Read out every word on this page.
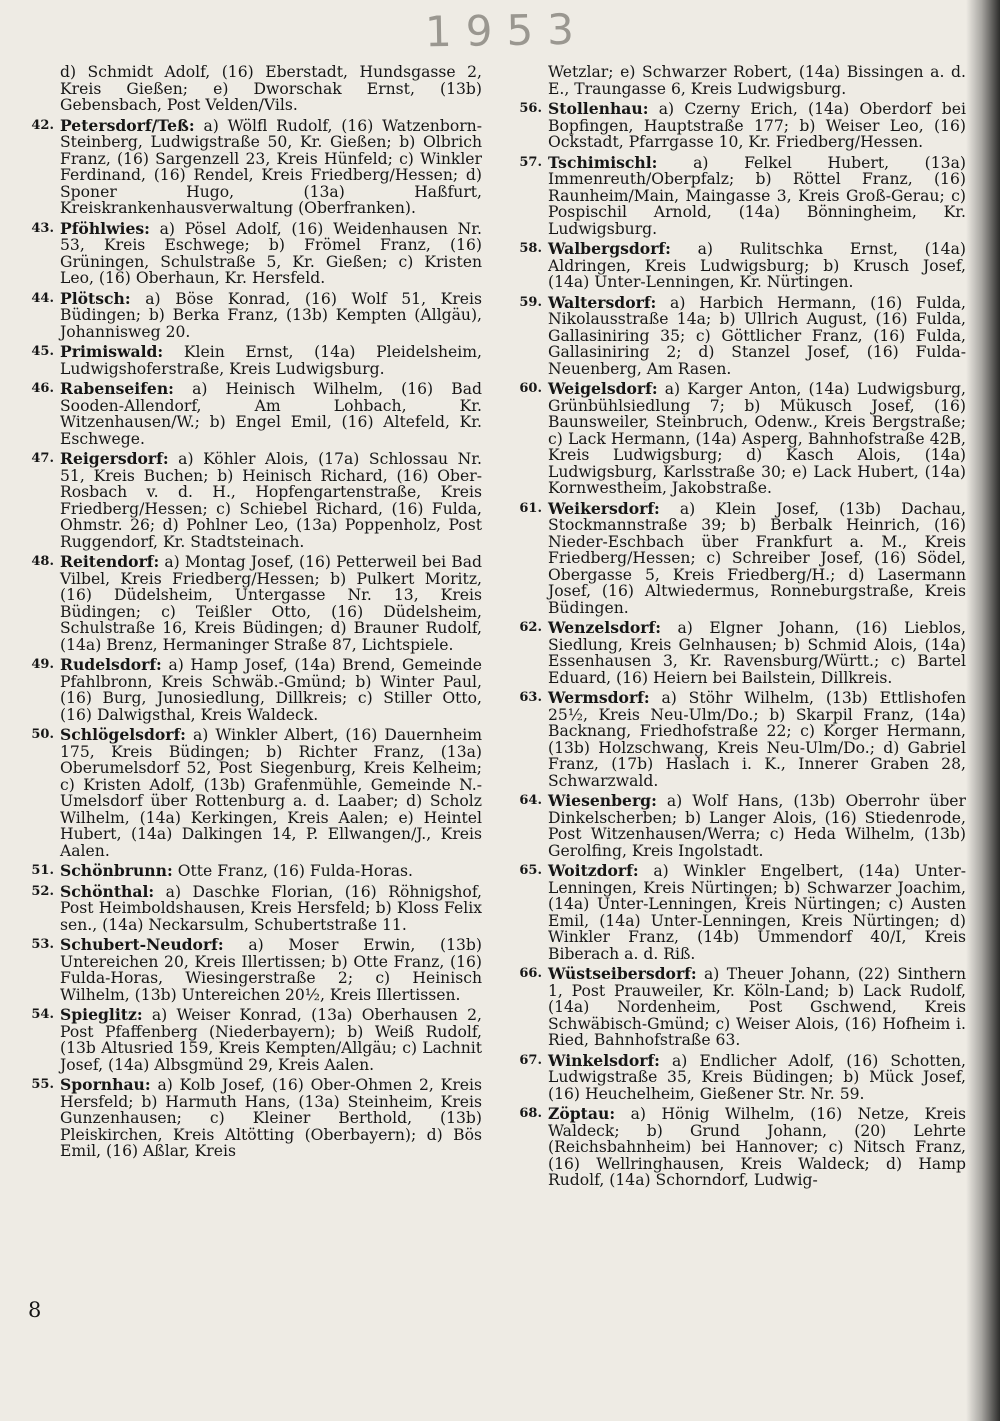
1953
d) Schmidt Adolf, (16) Eberstadt, Hundsgasse 2, Kreis Gießen; e) Dworschak Ernst, (13b) Gebensbach, Post Velden/Vils.
42. Petersdorf/Teß: a) Wölfl Rudolf, (16) Watzenborn-Steinberg, Ludwigstraße 50, Kr. Gießen; b) Olbrich Franz, (16) Sargenzell 23, Kreis Hünfeld; c) Winkler Ferdinand, (16) Rendel, Kreis Friedberg/Hessen; d) Sponer Hugo, (13a) Haßfurt, Kreiskrankenhausverwaltung (Oberfranken).
43. Pföhlwies: a) Pösel Adolf, (16) Weidenhausen Nr. 53, Kreis Eschwege; b) Frömel Franz, (16) Grüningen, Schulstraße 5, Kr. Gießen; c) Kristen Leo, (16) Oberhaun, Kr. Hersfeld.
44. Plötsch: a) Böse Konrad, (16) Wolf 51, Kreis Büdingen; b) Berka Franz, (13b) Kempten (Allgäu), Johannisweg 20.
45. Primiswald: Klein Ernst, (14a) Pleidelsheim, Ludwigshoferstraße, Kreis Ludwigsburg.
46. Rabenseifen: a) Heinisch Wilhelm, (16) Bad Sooden-Allendorf, Am Lohbach, Kr. Witzenhausen/W.; b) Engel Emil, (16) Altefeld, Kr. Eschwege.
47. Reigersdorf: a) Köhler Alois, (17a) Schlossau Nr. 51, Kreis Buchen; b) Heinisch Richard, (16) Ober-Rosbach v. d. H., Hopfengartenstraße, Kreis Friedberg/Hessen; c) Schiebel Richard, (16) Fulda, Ohmstr. 26; d) Pohlner Leo, (13a) Poppenholz, Post Ruggendorf, Kr. Stadtsteinach.
48. Reitendorf: a) Montag Josef, (16) Petterweil bei Bad Vilbel, Kreis Friedberg/Hessen; b) Pulkert Moritz, (16) Düdelsheim, Untergasse Nr. 13, Kreis Büdingen; c) Teißler Otto, (16) Düdelsheim, Schulstraße 16, Kreis Büdingen; d) Brauner Rudolf, (14a) Brenz, Hermaninger Straße 87, Lichtspiele.
49. Rudelsdorf: a) Hamp Josef, (14a) Brend, Gemeinde Pfahlbronn, Kreis Schwäb.-Gmünd; b) Winter Paul, (16) Burg, Junosiedlung, Dillkreis; c) Stiller Otto, (16) Dalwigsthal, Kreis Waldeck.
50. Schlögelsdorf: a) Winkler Albert, (16) Dauernheim 175, Kreis Büdingen; b) Richter Franz, (13a) Oberumelsdorf 52, Post Siegenburg, Kreis Kelheim; c) Kristen Adolf, (13b) Grafenmühle, Gemeinde N.-Umelsdorf über Rottenburg a. d. Laaber; d) Scholz Wilhelm, (14a) Kerkingen, Kreis Aalen; e) Heintel Hubert, (14a) Dalkingen 14, P. Ellwangen/J., Kreis Aalen.
51. Schönbrunn: Otte Franz, (16) Fulda-Horas.
52. Schönthal: a) Daschke Florian, (16) Röhnigshof, Post Heimboldshausen, Kreis Hersfeld; b) Kloss Felix sen., (14a) Neckarsulm, Schubertstraße 11.
53. Schubert-Neudorf: a) Moser Erwin, (13b) Untereichen 20, Kreis Illertissen; b) Otte Franz, (16) Fulda-Horas, Wiesingerstraße 2; c) Heinisch Wilhelm, (13b) Untereichen 20½, Kreis Illertissen.
54. Spieglitz: a) Weiser Konrad, (13a) Oberhausen 2, Post Pfaffenberg (Niederbayern); b) Weiß Rudolf, (13b Altusried 159, Kreis Kempten/Allgäu; c) Lachnit Josef, (14a) Albsgmünd 29, Kreis Aalen.
55. Spornhau: a) Kolb Josef, (16) Ober-Ohmen 2, Kreis Hersfeld; b) Harmuth Hans, (13a) Steinheim, Kreis Gunzenhausen; c) Kleiner Berthold, (13b) Pleiskirchen, Kreis Altötting (Oberbayern); d) Bös Emil, (16) Aßlar, Kreis
Wetzlar; e) Schwarzer Robert, (14a) Bissingen a. d. E., Traungasse 6, Kreis Ludwigsburg.
56. Stollenhau: a) Czerny Erich, (14a) Oberdorf bei Bopfingen, Hauptstraße 177; b) Weiser Leo, (16) Ockstadt, Pfarrgasse 10, Kr. Friedberg/Hessen.
57. Tschimischl: a) Felkel Hubert, (13a) Immenreuth/Oberpfalz; b) Röttel Franz, (16) Raunheim/Main, Maingasse 3, Kreis Groß-Gerau; c) Pospischil Arnold, (14a) Bönningheim, Kr. Ludwigsburg.
58. Walbergsdorf: a) Rulitschka Ernst, (14a) Aldringen, Kreis Ludwigsburg; b) Krusch Josef, (14a) Unter-Lenningen, Kr. Nürtingen.
59. Waltersdorf: a) Harbich Hermann, (16) Fulda, Nikolausstraße 14a; b) Ullrich August, (16) Fulda, Gallasiniring 35; c) Göttlicher Franz, (16) Fulda, Gallasiniring 2; d) Stanzel Josef, (16) Fulda-Neuenberg, Am Rasen.
60. Weigelsdorf: a) Karger Anton, (14a) Ludwigsburg, Grünbühlsiedlung 7; b) Mükusch Josef, (16) Baunsweiler, Steinbruch, Odenw., Kreis Bergstraße; c) Lack Hermann, (14a) Asperg, Bahnhofstraße 42B, Kreis Ludwigsburg; d) Kasch Alois, (14a) Ludwigsburg, Karlsstraße 30; e) Lack Hubert, (14a) Kornwestheim, Jakobstraße.
61. Weikersdorf: a) Klein Josef, (13b) Dachau, Stockmannstraße 39; b) Berbalk Heinrich, (16) Nieder-Eschbach über Frankfurt a. M., Kreis Friedberg/Hessen; c) Schreiber Josef, (16) Södel, Obergasse 5, Kreis Friedberg/H.; d) Lasermann Josef, (16) Altwiedermus, Ronneburgstraße, Kreis Büdingen.
62. Wenzelsdorf: a) Elgner Johann, (16) Lieblos, Siedlung, Kreis Gelnhausen; b) Schmid Alois, (14a) Essenhausen 3, Kr. Ravensburg/Württ.; c) Bartel Eduard, (16) Heiern bei Bailstein, Dillkreis.
63. Wermsdorf: a) Stöhr Wilhelm, (13b) Ettlishofen 25½, Kreis Neu-Ulm/Do.; b) Skarpil Franz, (14a) Backnang, Friedhofstraße 22; c) Korger Hermann, (13b) Holzschwang, Kreis Neu-Ulm/Do.; d) Gabriel Franz, (17b) Haslach i. K., Innerer Graben 28, Schwarzwald.
64. Wiesenberg: a) Wolf Hans, (13b) Oberrohr über Dinkelscherben; b) Langer Alois, (16) Stiedenrode, Post Witzenhausen/Werra; c) Heda Wilhelm, (13b) Gerolfing, Kreis Ingolstadt.
65. Woitzdorf: a) Winkler Engelbert, (14a) Unter-Lenningen, Kreis Nürtingen; b) Schwarzer Joachim, (14a) Unter-Lenningen, Kreis Nürtingen; c) Austen Emil, (14a) Unter-Lenningen, Kreis Nürtingen; d) Winkler Franz, (14b) Ummendorf 40/I, Kreis Biberach a. d. Riß.
66. Wüstseibersdorf: a) Theuer Johann, (22) Sinthern 1, Post Prauweiler, Kr. Köln-Land; b) Lack Rudolf, (14a) Nordenheim, Post Gschwend, Kreis Schwäbisch-Gmünd; c) Weiser Alois, (16) Hofheim i. Ried, Bahnhofstraße 63.
67. Winkelsdorf: a) Endlicher Adolf, (16) Schotten, Ludwigstraße 35, Kreis Büdingen; b) Mück Josef, (16) Heuchelheim, Gießener Str. Nr. 59.
68. Zöptau: a) Hönig Wilhelm, (16) Netze, Kreis Waldeck; b) Grund Johann, (20) Lehrte (Reichsbahnheim) bei Hannover; c) Nitsch Franz, (16) Wellringhausen, Kreis Waldeck; d) Hamp Rudolf, (14a) Schorndorf, Ludwig-
8
